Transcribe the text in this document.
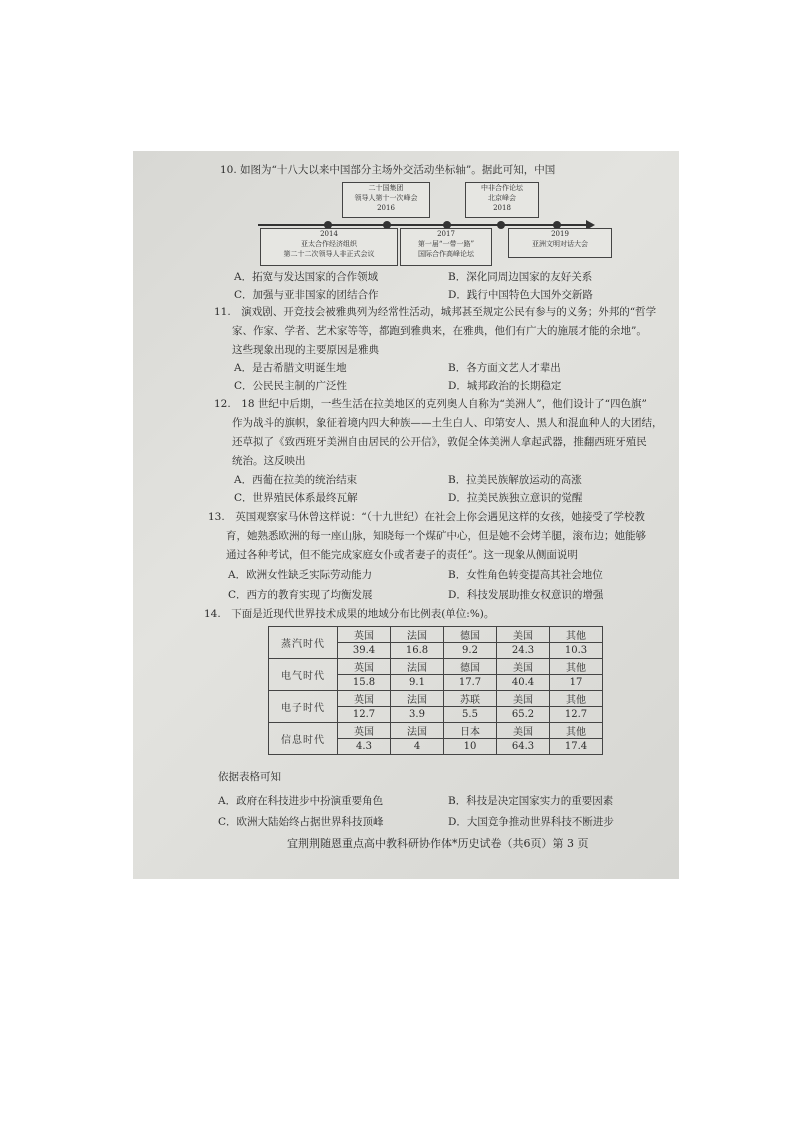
10. 如图为“十八大以来中国部分主场外交活动坐标轴”。据此可知，中国
二十国集团
领导人第十一次峰会
2016
中非合作论坛
北京峰会
2018
2014
亚太合作经济组织
第二十二次领导人非正式会议
2017
第一届“一带一路”
国际合作高峰论坛
2019
亚洲文明对话大会
A．拓宽与发达国家的合作领域	B．深化同周边国家的友好关系
C．加强与亚非国家的团结合作	D．践行中国特色大国外交新路
11.　演戏剧、开竞技会被雅典列为经常性活动，城邦甚至规定公民有参与的义务；外邦的“哲学
家、作家、学者、艺术家等等，都跑到雅典来，在雅典，他们有广大的施展才能的余地”。
这些现象出现的主要原因是雅典
A．是古希腊文明诞生地	B．各方面文艺人才辈出
C．公民民主制的广泛性	D．城邦政治的长期稳定
12.　18 世纪中后期，一些生活在拉美地区的克列奥人自称为“美洲人”，他们设计了“四色旗”
作为战斗的旗帜，象征着境内四大种族——土生白人、印第安人、黑人和混血种人的大团结，
还草拟了《致西班牙美洲自由居民的公开信》，敦促全体美洲人拿起武器，推翻西班牙殖民
统治。这反映出
A．西葡在拉美的统治结束	B．拉美民族解放运动的高涨
C．世界殖民体系最终瓦解	D．拉美民族独立意识的觉醒
13.　英国观察家马休曾这样说：“（十九世纪）在社会上你会遇见这样的女孩，她接受了学校教
育，她熟悉欧洲的每一座山脉，知晓每一个煤矿中心，但是她不会烤羊腿，滚布边；她能够
通过各种考试，但不能完成家庭女仆或者妻子的责任”。这一现象从侧面说明
A．欧洲女性缺乏实际劳动能力	B．女性角色转变提高其社会地位
C．西方的教育实现了均衡发展	D．科技发展助推女权意识的增强
14.　下面是近现代世界技术成果的地域分布比例表(单位:%)。
蒸汽时代	英国	法国	德国	美国	其他
	39.4	16.8	9.2	24.3	10.3
电气时代	英国	法国	德国	美国	其他
	15.8	9.1	17.7	40.4	17
电子时代	英国	法国	苏联	美国	其他
	12.7	3.9	5.5	65.2	12.7
信息时代	英国	法国	日本	美国	其他
	4.3	4	10	64.3	17.4
依据表格可知
A．政府在科技进步中扮演重要角色	B．科技是决定国家实力的重要因素
C．欧洲大陆始终占据世界科技顶峰	D．大国竞争推动世界科技不断进步
宜荆荆随恩重点高中教科研协作体*历史试卷（共6页）第 3 页
